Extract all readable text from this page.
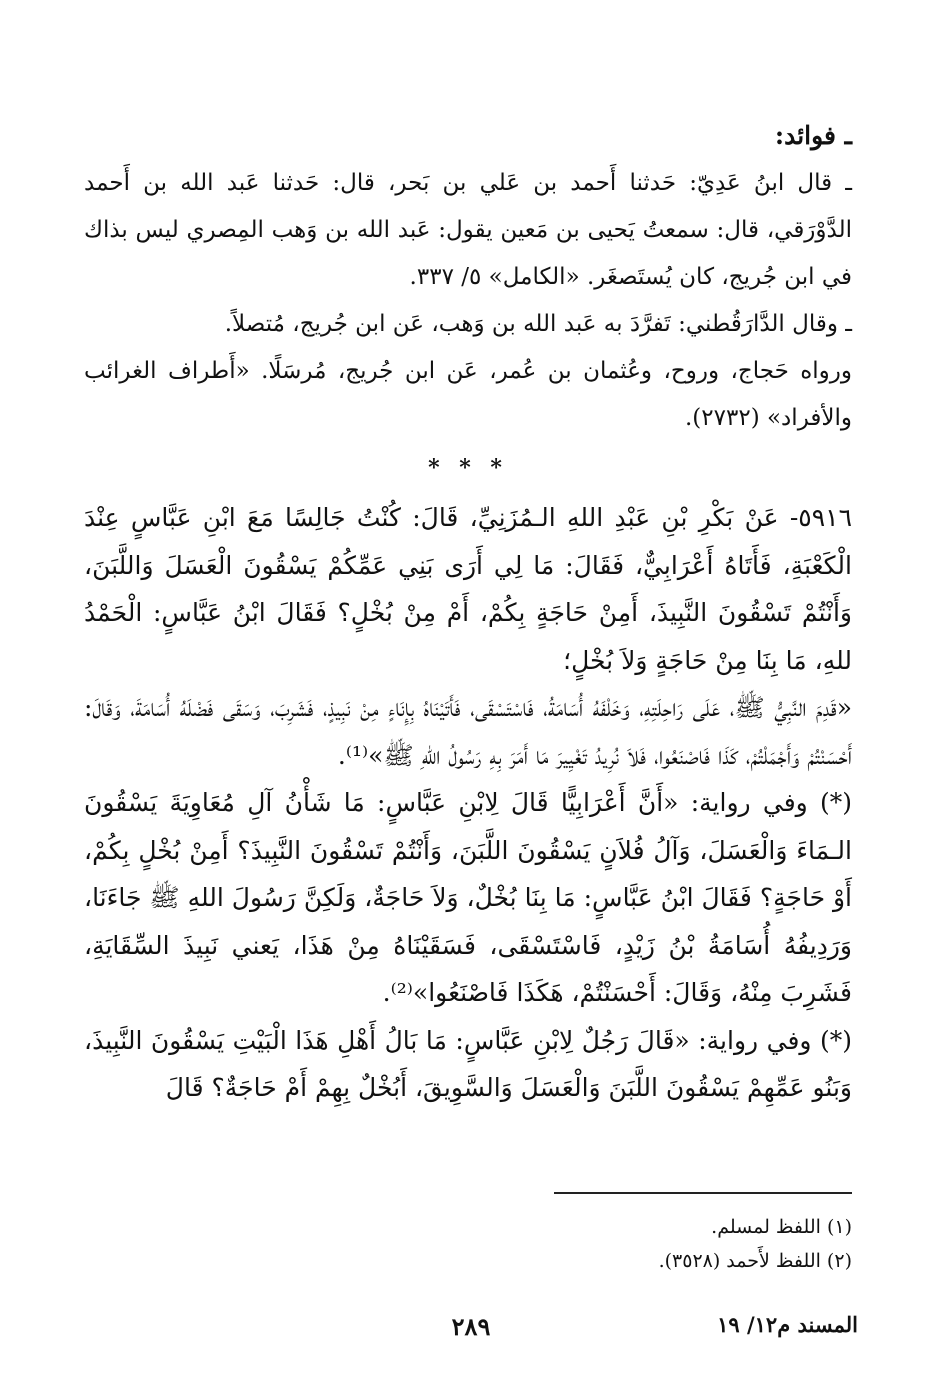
ـ فوائد:

ـ قال ابنُ عَدِيّ: حَدثنا أَحمد بن عَلي بن بَحر، قال: حَدثنا عَبد الله بن أَحمد الدَّوْرَقي، قال: سمعتُ يَحيى بن مَعين يقول: عَبد الله بن وَهب المِصري ليس بذاك في ابن جُريج، كان يُستَصغَر. «الكامل» ٥/ ٣٣٧.

ـ وقال الدَّارَقُطني: تَفرَّدَ به عَبد الله بن وَهب، عَن ابن جُريج، مُتصلاً.

ورواه حَجاج، وروح، وعُثمان بن عُمر، عَن ابن جُريج، مُرسَلًا. «أَطراف الغرائب والأفراد» (٢٧٣٢).

* * *

٥٩١٦- عَنْ بَكْرِ بْنِ عَبْدِ اللهِ الـمُزَنِيِّ، قَالَ: كُنْتُ جَالِسًا مَعَ ابْنِ عَبَّاسٍ عِنْدَ الْكَعْبَةِ، فَأَتَاهُ أَعْرَابِيٌّ، فَقَالَ: مَا لِي أَرَى بَنِي عَمِّكُمْ يَسْقُونَ الْعَسَلَ وَاللَّبَنَ، وَأَنْتُمْ تَسْقُونَ النَّبِيذَ، أَمِنْ حَاجَةٍ بِكُمْ، أَمْ مِنْ بُخْلٍ؟ فَقَالَ ابْنُ عَبَّاسٍ: الْحَمْدُ للهِ، مَا بِنَا مِنْ حَاجَةٍ وَلاَ بُخْلٍ؛

«قَدِمَ النَّبِيُّ ﷺ، عَلَى رَاحِلَتِهِ، وَخَلْفَهُ أُسَامَةُ، فَاسْتَسْقَى، فَأَتَيْنَاهُ بِإِنَاءٍ مِنْ نَبِيذٍ، فَشَرِبَ، وَسَقَى فَضْلَهُ أُسَامَةَ، وَقَالَ: أَحْسَنْتُمْ وَأَجْمَلْتُمْ، كَذَا فَاصْنَعُوا، فَلاَ نُرِيدُ تَغْيِيرَ مَا أَمَرَ بِهِ رَسُولُ اللهِ ﷺ»⁽¹⁾.

(*) وفي رواية: «أَنَّ أَعْرَابِيًّا قَالَ لِابْنِ عَبَّاسٍ: مَا شَأْنُ آلِ مُعَاوِيَةَ يَسْقُونَ الـمَاءَ وَالْعَسَلَ، وَآلُ فُلاَنٍ يَسْقُونَ اللَّبَنَ، وَأَنْتُمْ تَسْقُونَ النَّبِيذَ؟ أَمِنْ بُخْلٍ بِكُمْ، أَوْ حَاجَةٍ؟ فَقَالَ ابْنُ عَبَّاسٍ: مَا بِنَا بُخْلٌ، وَلاَ حَاجَةٌ، وَلَكِنَّ رَسُولَ اللهِ ﷺ جَاءَنَا، وَرَدِيفُهُ أُسَامَةُ بْنُ زَيْدٍ، فَاسْتَسْقَى، فَسَقَيْنَاهُ مِنْ هَذَا، يَعني نَبِيذَ السِّقَايَةِ، فَشَرِبَ مِنْهُ، وَقَالَ: أَحْسَنْتُمْ، هَكَذَا فَاصْنَعُوا»⁽²⁾.

(*) وفي رواية: «قَالَ رَجُلٌ لِابْنِ عَبَّاسٍ: مَا بَالُ أَهْلِ هَذَا الْبَيْتِ يَسْقُونَ النَّبِيذَ، وَبَنُو عَمِّهِمْ يَسْقُونَ اللَّبَنَ وَالْعَسَلَ وَالسَّوِيقَ، أَبُخْلٌ بِهِمْ أَمْ حَاجَةٌ؟ قَالَ

(١) اللفظ لمسلم.

(٢) اللفظ لأَحمد (٣٥٢٨).

المسند م١٢/ ١٩
٢٨٩
